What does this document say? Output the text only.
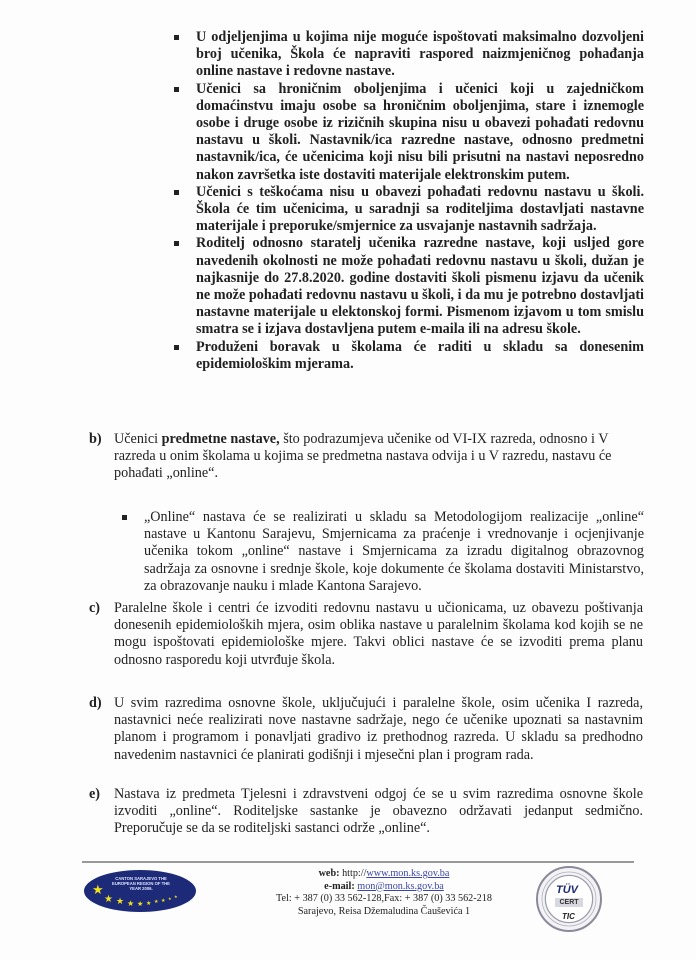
U odjeljenjima u kojima nije moguće ispoštovati maksimalno dozvoljeni broj učenika, Škola će napraviti raspored naizmjeničnog pohađanja online nastave i redovne nastave.

Učenici sa hroničnim oboljenjima i učenici koji u zajedničkom domaćinstvu imaju osobe sa hroničnim oboljenjima, stare i iznemogle osobe i druge osobe iz rizičnih skupina nisu u obavezi pohađati redovnu nastavu u školi. Nastavnik/ica razredne nastave, odnosno predmetni nastavnik/ica, će učenicima koji nisu bili prisutni na nastavi neposredno nakon završetka iste dostaviti materijale elektronskim putem.

Učenici s teškoćama nisu u obavezi pohađati redovnu nastavu u školi. Škola će tim učenicima, u saradnji sa roditeljima dostavljati nastavne materijale i preporuke/smjernice za usvajanje nastavnih sadržaja.

Roditelj odnosno staratelj učenika razredne nastave, koji usljed gore navedenih okolnosti ne može pohađati redovnu nastavu u školi, dužan je najkasnije do 27.8.2020. godine dostaviti školi pismenu izjavu da učenik ne može pohađati redovnu nastavu u školi, i da mu je potrebno dostavljati nastavne materijale u elektonskoj formi. Pismenom izjavom u tom smislu smatra se i izjava dostavljena putem e-maila ili na adresu škole.

Produženi boravak u školama će raditi u skladu sa donesenim epidemiološkim mjerama.

b) Učenici predmetne nastave, što podrazumjeva učenike od VI-IX razreda, odnosno i V razreda u onim školama u kojima se predmetna nastava odvija i u V razredu, nastavu će pohađati „online“.

„Online“ nastava će se realizirati u skladu sa Metodologijom realizacije „online“ nastave u Kantonu Sarajevu, Smjernicama za praćenje i vrednovanje i ocjenjivanje učenika tokom „online“ nastave i Smjernicama za izradu digitalnog obrazovnog sadržaja za osnovne i srednje škole, koje dokumente će školama dostaviti Ministarstvo, za obrazovanje nauku i mlade Kantona Sarajevo.

c) Paralelne škole i centri će izvoditi redovnu nastavu u učionicama, uz obavezu poštivanja donesenih epidemioloških mjera, osim oblika nastave u paralelnim školama kod kojih se ne mogu ispoštovati epidemiološke mjere. Takvi oblici nastave će se izvoditi prema planu odnosno rasporedu koji utvrđuje škola.
d) U svim razredima osnovne škole, uključujući i paralelne škole, osim učenika I razreda, nastavnici neće realizirati nove nastavne sadržaje, nego će učenike upoznati sa nastavnim planom i programom i ponavljati gradivo iz prethodnog razreda. U skladu sa predhodno navedenim nastavnici će planirati godišnji i mjesečni plan i program rada.
e) Nastava iz predmeta Tjelesni i zdravstveni odgoj će se u svim razredima osnovne škole izvoditi „online“. Roditeljske sastanke je obavezno održavati jedanput sedmično. Preporučuje se da se roditeljski sastanci održe „online“.
CANTON SARAJEVO THE EUROPEAN REGION OF THE YEAR 2006.
★
★ ★ ★ ★ ★ ★ ★ ★ ★
web: http://www.mon.ks.gov.ba
e-mail: mon@mon.ks.gov.ba
Tel: + 387 (0) 33 562-128,Fax: + 387 (0) 33 562-218
Sarajevo, Reisa Džemaludina Čauševića 1
TÜV
CERT
TIC
